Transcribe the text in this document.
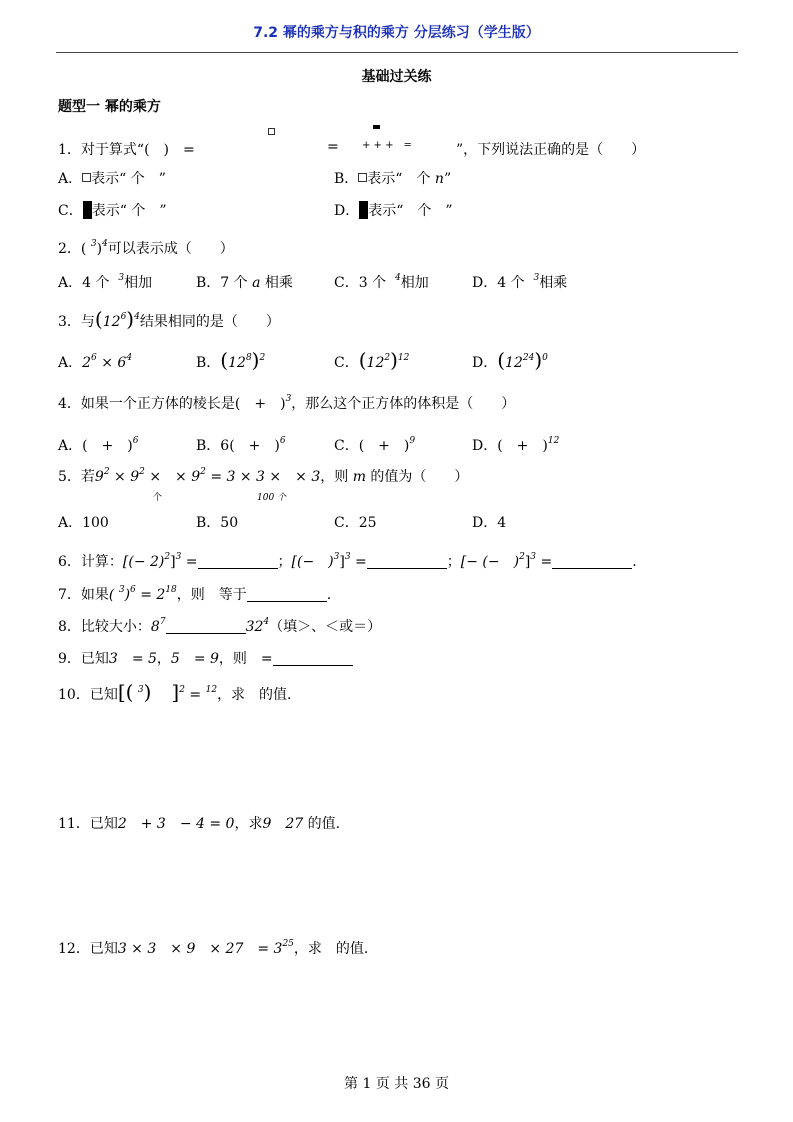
7.2 幂的乘方与积的乘方 分层练习（学生版）
基础过关练
题型一 幂的乘方
1．对于算式“(　)　=	= + + +　=	”，下列说法正确的是（　　）
A． 表示“ 个　”	B． 表示“　个 n”
C． 表示“ 个　”	D． 表示“　个　”
2．( $^3$)$^4$可以表示成（　　）
A．4 个 $^3$相加	B．7 个 a 相乘	C．3 个 $^4$相加	D．4 个 $^3$相乘
3．与$(12^6)^4$结果相同的是（　　）
A．$2^6 \times 6^4$	B．$(12^8)^2$	C．$(12^2)^{12}$	D．$(12^{24})^0$
4．如果一个正方体的棱长是(　+　)$^3$，那么这个正方体的体积是（　　）
A．(　+　)$^6$	B．6(　+　)$^6$	C．(　+　)$^9$	D．(　+　)$^{12}$
5．若$9^2 \times 9^2$ ×　× $9^2 = 3 \times 3$ ×　× 3，则 m 的值为（　　）
个	100 个
A．100	B．50	C．25	D．4
6．计算：[(− 2)$^2$]$^3$ =	；[(−　)$^3$]$^3$ =	；[− (−　)$^2$]$^3$ =	.
7．如果( $^3)^6 = 2^{18}$，则　等于	.
8．比较大小：$8^7$	$32^4$（填＞、＜或＝）
9．已知3　= 5，5　= 9，则　=
10．已知[( $^3$)　]$^2$ = $^{12}$，求　的值.
11．已知2　+ 3　− 4 = 0，求9　27 的值.
12．已知3 × 3　× 9　× 27　= $3^{25}$，求　的值.
第 1 页 共 36 页
